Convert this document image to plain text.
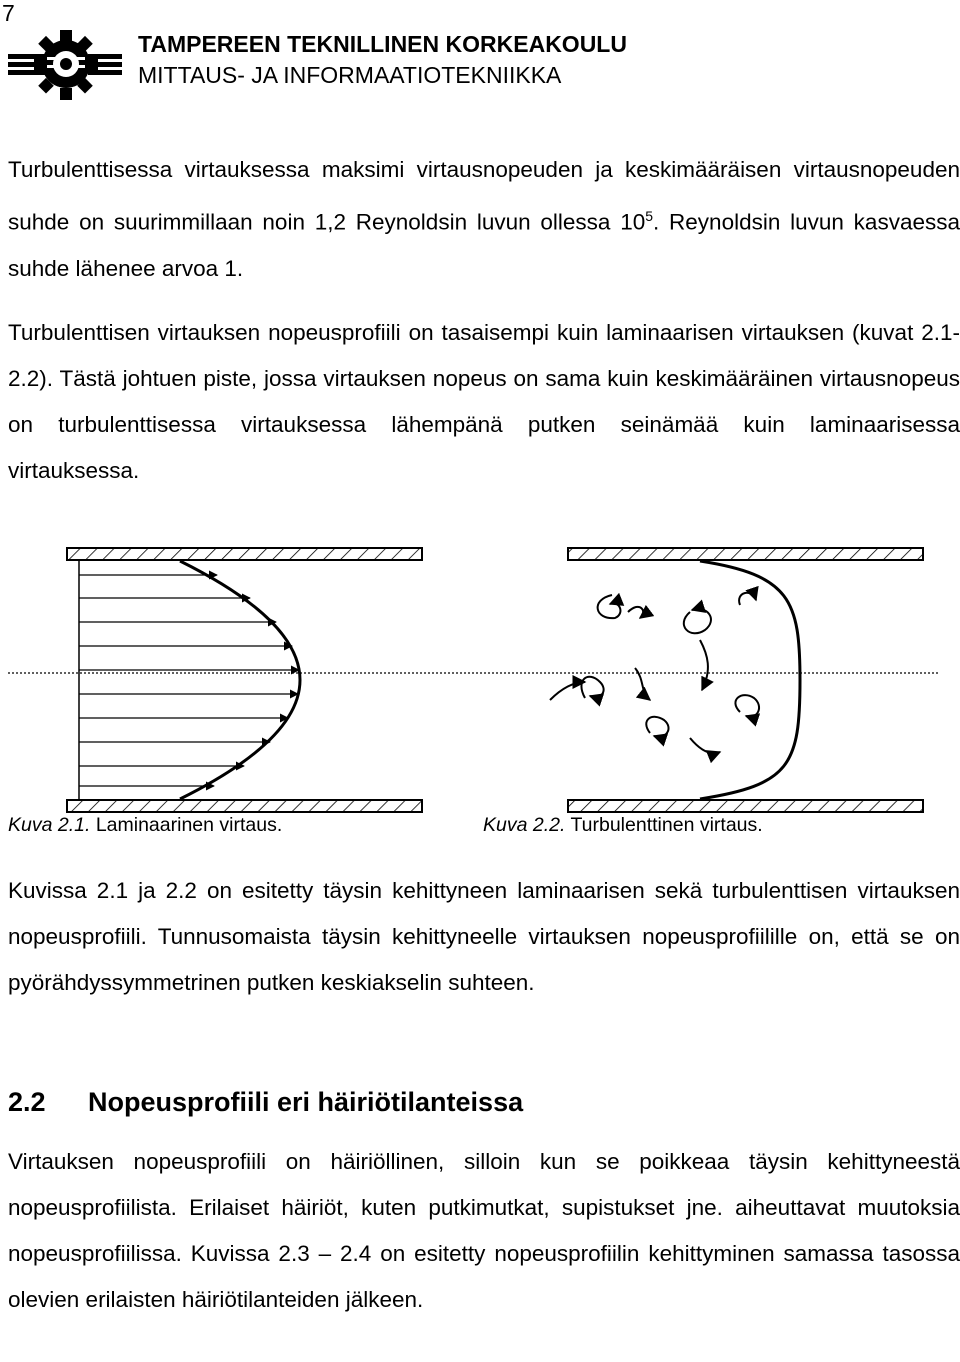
7
TAMPEREEN TEKNILLINEN KORKEAKOULU
MITTAUS- JA INFORMAATIOTEKNIIKKA
Turbulenttisessa virtauksessa maksimi virtausnopeuden ja keskimääräisen virtausnopeuden suhde on suurimmillaan noin 1,2 Reynoldsin luvun ollessa $10^5$. Reynoldsin luvun kasvaessa suhde lähenee arvoa 1.
Turbulenttisen virtauksen nopeusprofiili on tasaisempi kuin laminaarisen virtauksen (kuvat 2.1-2.2). Tästä johtuen piste, jossa virtauksen nopeus on sama kuin keskimääräinen virtausnopeus on turbulenttisessa virtauksessa lähempänä putken seinämää kuin laminaarisessa virtauksessa.
Kuva 2.1. Laminaarinen virtaus.	Kuva 2.2. Turbulenttinen virtaus.
Kuvissa 2.1 ja 2.2 on esitetty täysin kehittyneen laminaarisen sekä turbulenttisen virtauksen nopeusprofiili. Tunnusomaista täysin kehittyneelle virtauksen nopeusprofiilille on, että se on pyörähdyssymmetrinen putken keskiakselin suhteen.
2.2 Nopeusprofiili eri häiriötilanteissa
Virtauksen nopeusprofiili on häiriöllinen, silloin kun se poikkeaa täysin kehittyneestä nopeusprofiilista. Erilaiset häiriöt, kuten putkimutkat, supistukset jne. aiheuttavat muutoksia nopeusprofiilissa. Kuvissa 2.3 – 2.4 on esitetty nopeusprofiilin kehittyminen samassa tasossa olevien erilaisten häiriötilanteiden jälkeen.
